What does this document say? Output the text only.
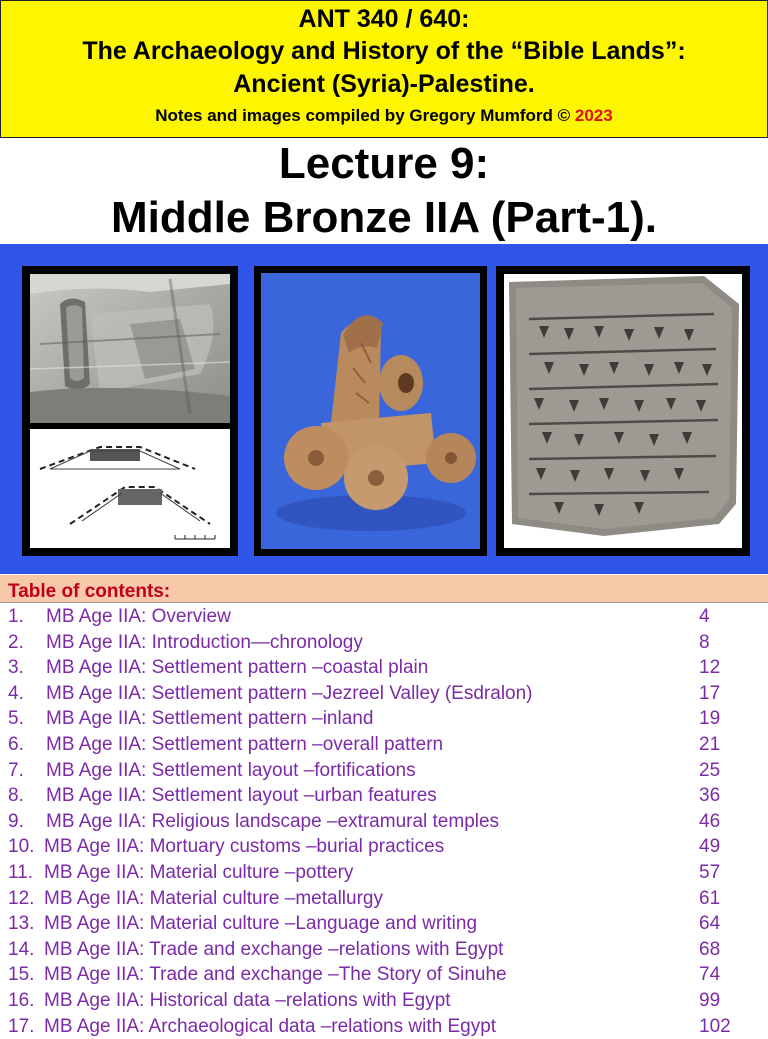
ANT 340 / 640:
The Archaeology and History of the “Bible Lands”:
Ancient (Syria)-Palestine.
Notes and images compiled by Gregory Mumford © 2023
Lecture 9:
Middle Bronze IIA (Part-1).
Table of contents:
1. MB Age IIA: Overview	4
2. MB Age IIA: Introduction—chronology	8
3. MB Age IIA: Settlement pattern –coastal plain	12
4. MB Age IIA: Settlement pattern –Jezreel Valley (Esdralon)	17
5. MB Age IIA: Settlement pattern –inland	19
6. MB Age IIA: Settlement pattern –overall pattern	21
7. MB Age IIA: Settlement layout –fortifications	25
8. MB Age IIA: Settlement layout –urban features	36
9. MB Age IIA: Religious landscape –extramural temples	46
10. MB Age IIA: Mortuary customs –burial practices	49
11. MB Age IIA: Material culture –pottery	57
12. MB Age IIA: Material culture –metallurgy	61
13. MB Age IIA: Material culture –Language and writing	64
14. MB Age IIA: Trade and exchange –relations with Egypt	68
15. MB Age IIA: Trade and exchange –The Story of Sinuhe	74
16. MB Age IIA: Historical data –relations with Egypt	99
17. MB Age IIA: Archaeological data –relations with Egypt	102
